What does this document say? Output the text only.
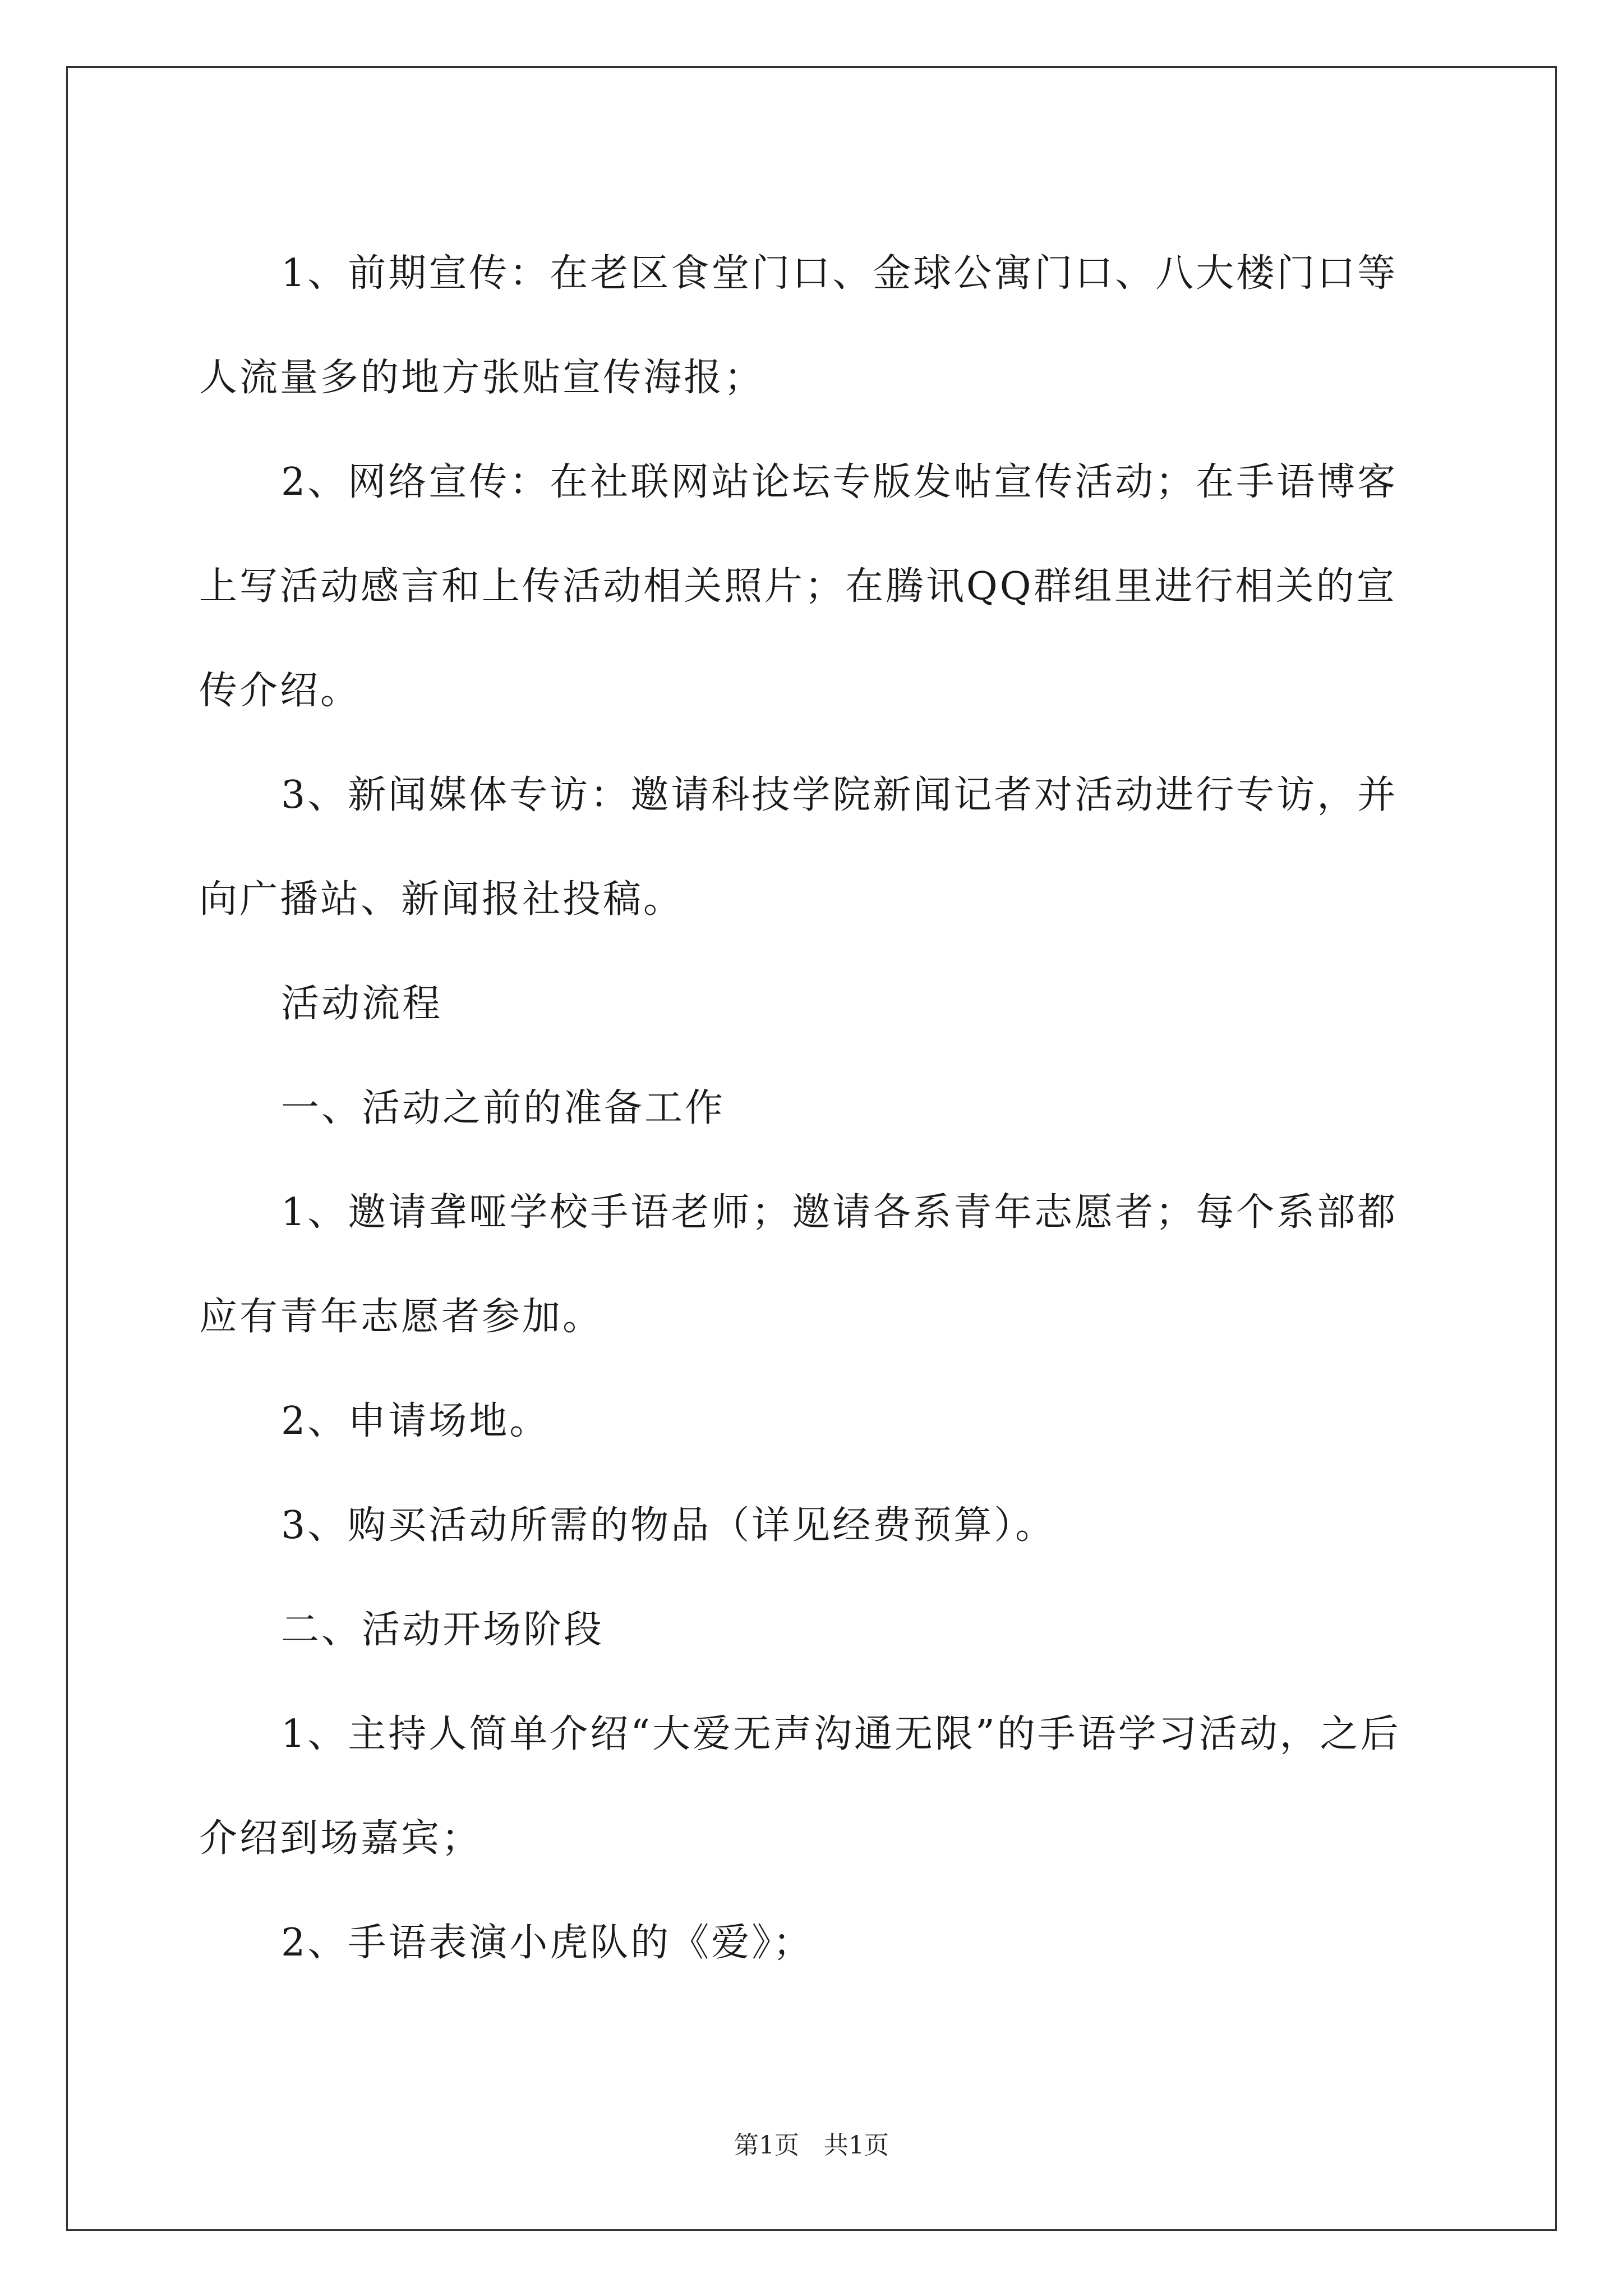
1、前期宣传：在老区食堂门口、金球公寓门口、八大楼门口等人流量多的地方张贴宣传海报；

2、网络宣传：在社联网站论坛专版发帖宣传活动；在手语博客上写活动感言和上传活动相关照片；在腾讯QQ群组里进行相关的宣传介绍。

3、新闻媒体专访：邀请科技学院新闻记者对活动进行专访，并向广播站、新闻报社投稿。

活动流程

一、活动之前的准备工作

1、邀请聋哑学校手语老师；邀请各系青年志愿者；每个系部都应有青年志愿者参加。

2、申请场地。

3、购买活动所需的物品（详见经费预算）。

二、活动开场阶段

1、主持人简单介绍“大爱无声沟通无限”的手语学习活动，之后介绍到场嘉宾；

2、手语表演小虎队的《爱》；

第1页　共1页
